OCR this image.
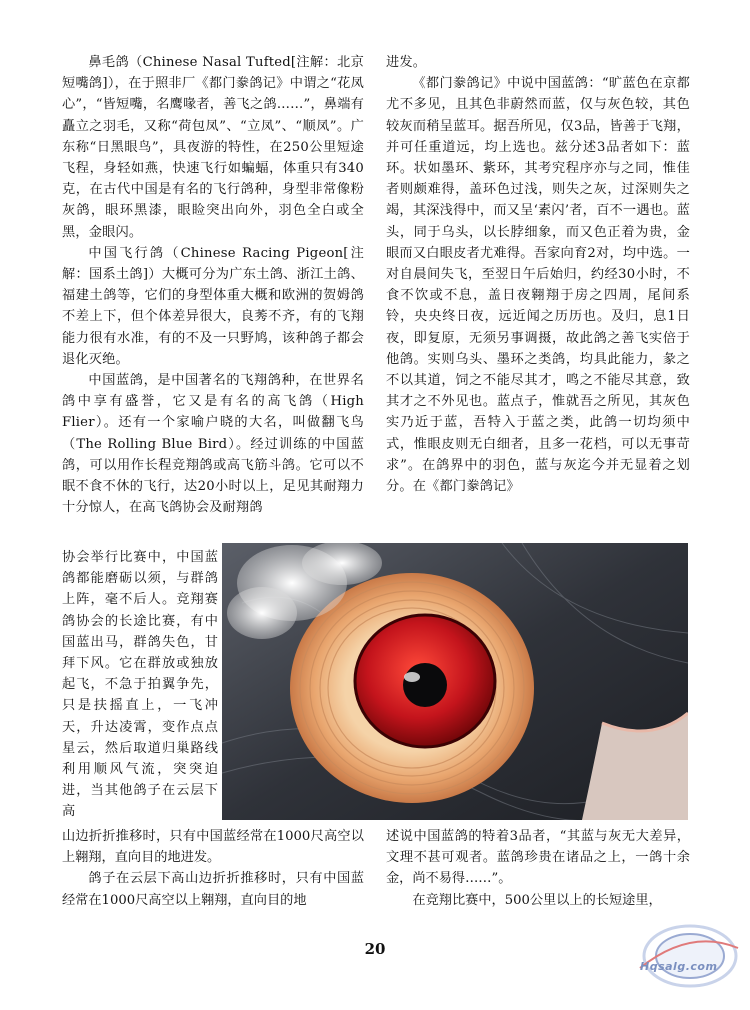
鼻毛鸽（Chinese Nasal Tufted[注解：北京短嘴鸽]），在于照非厂《都门豢鸽记》中谓之“花凤心”，“皆短嘴，名鹰喙者，善飞之鸽……”，鼻端有矗立之羽毛，又称“荷包凤”、“立凤”、“顺凤”。广东称“日黑眼鸟”，具夜游的特性，在250公里短途飞程，身轻如燕，快速飞行如蝙蝠，体重只有340克，在古代中国是有名的飞行鸽种，身型非常像粉灰鸽，眼环黑漆，眼睑突出向外，羽色全白或全黑，金眼闪。

中国飞行鸽（Chinese Racing Pigeon[注解：国系土鸽]）大概可分为广东土鸽、浙江土鸽、福建土鸽等，它们的身型体重大概和欧洲的贺姆鸽不差上下，但个体差异很大，良莠不齐，有的飞翔能力很有水准，有的不及一只野鸠，该种鸽子都会退化灭绝。

中国蓝鸽，是中国著名的飞翔鸽种，在世界名鸽中享有盛誉，它又是有名的高飞鸽（High Flier）。还有一个家喻户晓的大名，叫做翻飞鸟（The Rolling Blue Bird）。经过训练的中国蓝鸽，可以用作长程竞翔鸽或高飞筋斗鸽。它可以不眠不食不休的飞行，达20小时以上，足见其耐翔力十分惊人，在高飞鸽协会及耐翔鸽

协会举行比赛中，中国蓝鸽都能磨砺以须，与群鸽上阵，毫不后人。竞翔赛鸽协会的长途比赛，有中国蓝出马，群鸽失色，甘拜下风。它在群放或独放起飞，不急于拍翼争先，只是扶摇直上，一飞冲天，升达凌霄，变作点点星云，然后取道归巢路线利用顺风气流，突突迫进，当其他鸽子在云层下高

山边折折推移时，只有中国蓝经常在1000尺高空以上翱翔，直向目的地进发。

鸽子在云层下高山边折折推移时，只有中国蓝经常在1000尺高空以上翱翔，直向目的地

进发。

《都门豢鸽记》中说中国蓝鸽：“旷蓝色在京都尤不多见，且其色非蔚然而蓝，仅与灰色较，其色较灰而稍呈蓝耳。据吾所见，仅3品，皆善于飞翔，并可任重道远，均上选也。兹分述3品者如下：蓝环。状如墨环、紫环，其考究程序亦与之同，惟佳者则颇难得，盖环色过浅，则失之灰，过深则失之竭，其深浅得中，而又呈‘素闪’者，百不一遇也。蓝头，同于乌头，以长脖细象，而又色正着为贵，金眼而又白眼皮者尤难得。吾家向育2对，均中选。一对自晨间失飞，至翌日午后始归，约经30小时，不食不饮或不息，盖日夜翱翔于房之四周，尾间系铃，央央终日夜，远近闻之历历也。及归，息1日夜，即复原，无须另事调摄，故此鸽之善飞实倍于他鸽。实则乌头、墨环之类鸽，均具此能力，彖之不以其道，饲之不能尽其才，鸣之不能尽其意，致其才之不外见也。蓝点子，惟就吾之所见，其灰色实乃近于蓝，吾特入于蓝之类，此鸽一切均须中式，惟眼皮则无白细者，且多一花档，可以无事苛求”。在鸽界中的羽色，蓝与灰迄今并无显着之划分。在《都门豢鸽记》

述说中国蓝鸽的特着3品者，“其蓝与灰无大差异，文理不甚可观者。蓝鸽珍贵在诸品之上，一鸽十余金，尚不易得……”。

在竞翔比赛中，500公里以上的长短途里，

20
Hqsalg.com
